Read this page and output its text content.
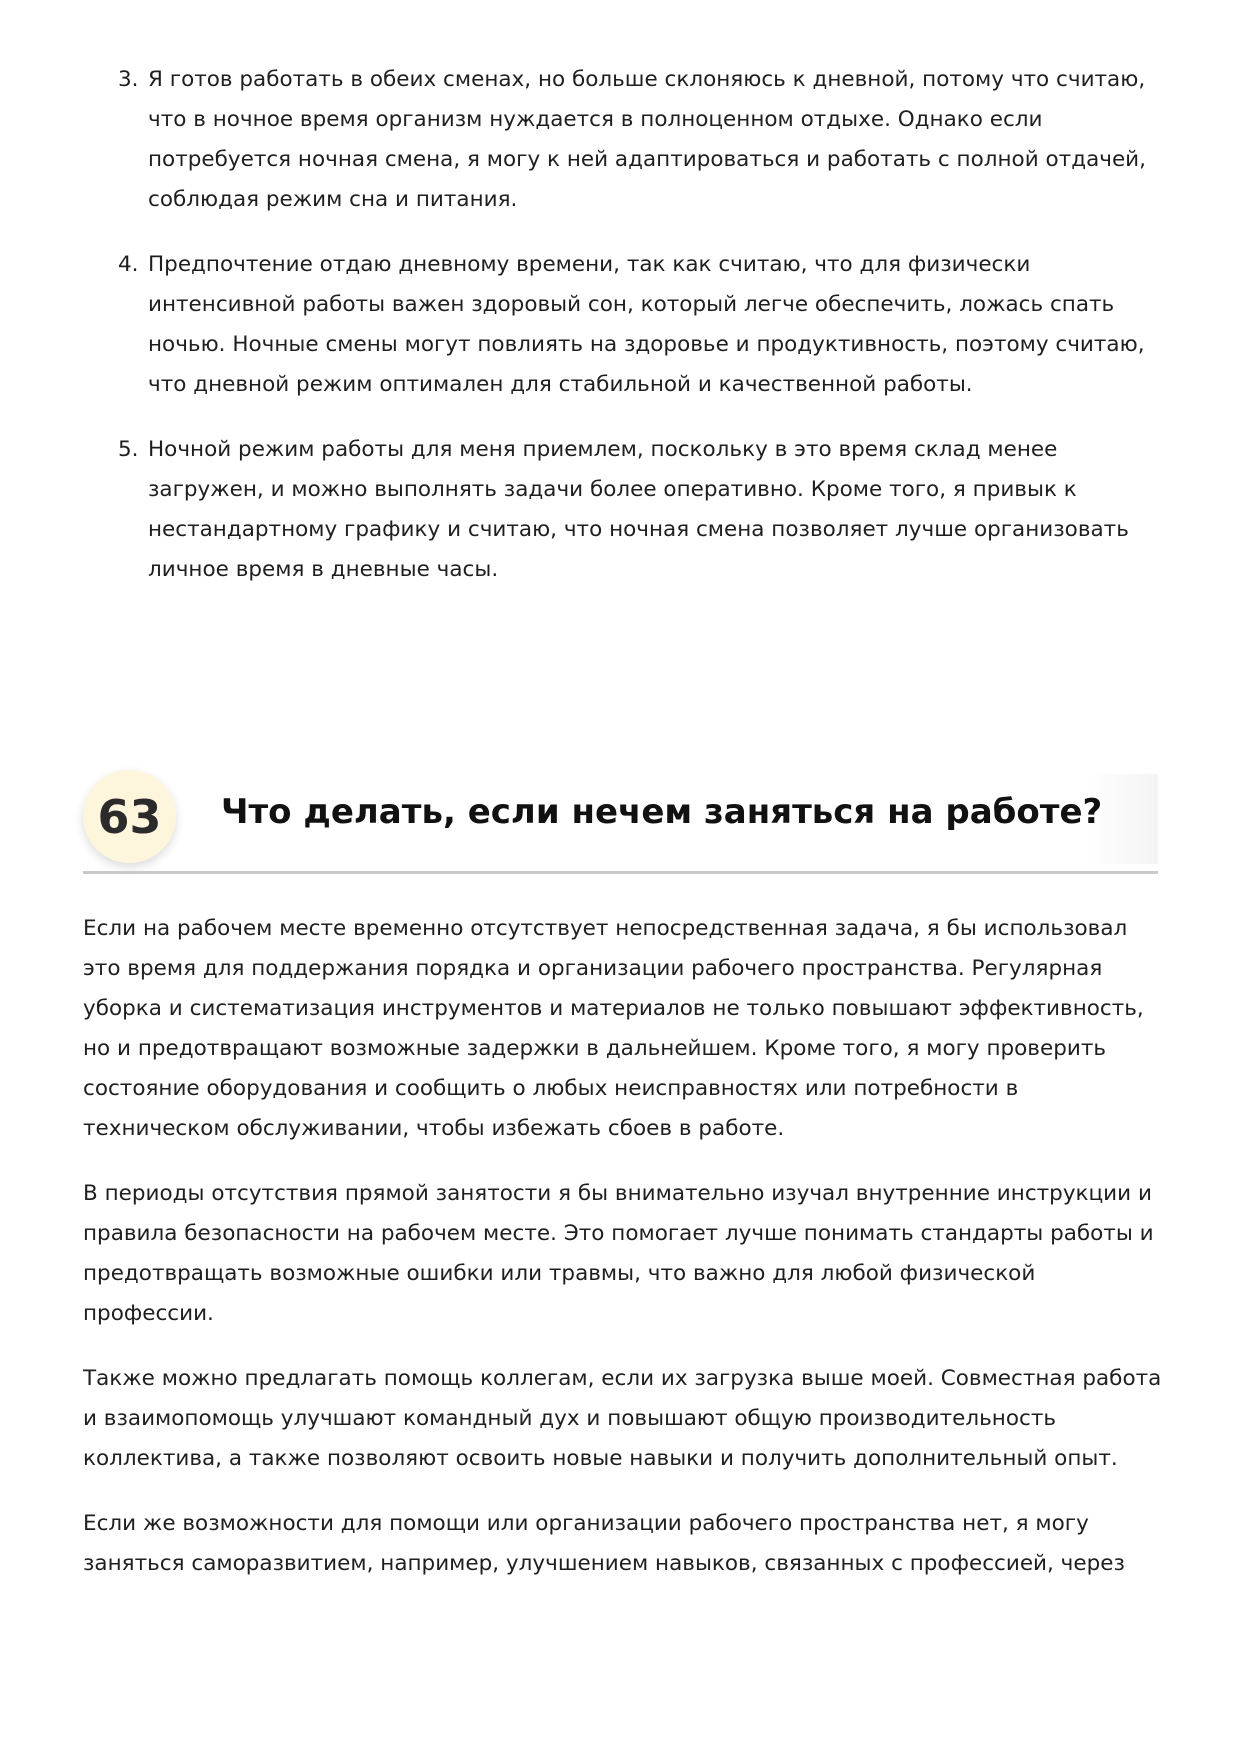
3. Я готов работать в обеих сменах, но больше склоняюсь к дневной, потому что считаю, что в ночное время организм нуждается в полноценном отдыхе. Однако если потребуется ночная смена, я могу к ней адаптироваться и работать с полной отдачей, соблюдая режим сна и питания.
4. Предпочтение отдаю дневному времени, так как считаю, что для физически интенсивной работы важен здоровый сон, который легче обеспечить, ложась спать ночью. Ночные смены могут повлиять на здоровье и продуктивность, поэтому считаю, что дневной режим оптимален для стабильной и качественной работы.
5. Ночной режим работы для меня приемлем, поскольку в это время склад менее загружен, и можно выполнять задачи более оперативно. Кроме того, я привык к нестандартному графику и считаю, что ночная смена позволяет лучше организовать личное время в дневные часы.
63	Что делать, если нечем заняться на работе?

Если на рабочем месте временно отсутствует непосредственная задача, я бы использовал это время для поддержания порядка и организации рабочего пространства. Регулярная уборка и систематизация инструментов и материалов не только повышают эффективность, но и предотвращают возможные задержки в дальнейшем. Кроме того, я могу проверить состояние оборудования и сообщить о любых неисправностях или потребности в техническом обслуживании, чтобы избежать сбоев в работе.

В периоды отсутствия прямой занятости я бы внимательно изучал внутренние инструкции и правила безопасности на рабочем месте. Это помогает лучше понимать стандарты работы и предотвращать возможные ошибки или травмы, что важно для любой физической профессии.

Также можно предлагать помощь коллегам, если их загрузка выше моей. Совместная работа и взаимопомощь улучшают командный дух и повышают общую производительность коллектива, а также позволяют освоить новые навыки и получить дополнительный опыт.

Если же возможности для помощи или организации рабочего пространства нет, я могу заняться саморазвитием, например, улучшением навыков, связанных с профессией, через
